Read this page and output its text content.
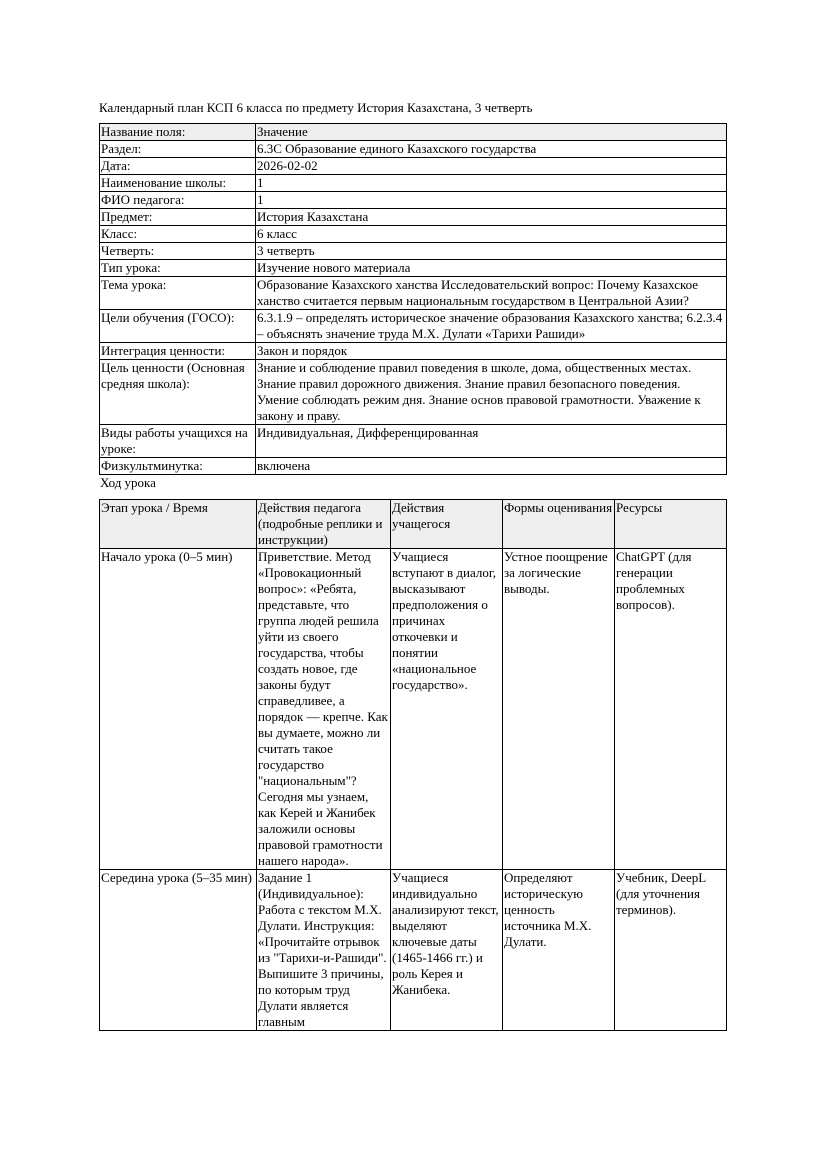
Календарный план КСП 6 класса по предмету История Казахстана, 3 четверть
Название поля:	Значение
Раздел:	6.3С Образование единого Казахского государства
Дата:	2026-02-02
Наименование школы:	1
ФИО педагога:	1
Предмет:	История Казахстана
Класс:	6 класс
Четверть:	3 четверть
Тип урока:	Изучение нового материала
Тема урока:	Образование Казахского ханства Исследовательский вопрос: Почему Казахское ханство считается первым национальным государством в Центральной Азии?
Цели обучения (ГОСО):	6.3.1.9 – определять историческое значение образования Казахского ханства; 6.2.3.4 – объяснять значение труда М.Х. Дулати «Тарихи Рашиди»
Интеграция ценности:	Закон и порядок
Цель ценности (Основная средняя школа):	Знание и соблюдение правил поведения в школе, дома, общественных местах. Знание правил дорожного движения. Знание правил безопасного поведения. Умение соблюдать режим дня. Знание основ правовой грамотности. Уважение к закону и праву.
Виды работы учащихся на уроке:	Индивидуальная, Дифференцированная
Физкультминутка:	включена
Ход урока
Этап урока / Время	Действия педагога (подробные реплики и инструкции)	Действия учащегося	Формы оценивания	Ресурсы
Начало урока (0–5 мин)	Приветствие. Метод «Провокационный вопрос»: «Ребята, представьте, что группа людей решила уйти из своего государства, чтобы создать новое, где законы будут справедливее, а порядок — крепче. Как вы думаете, можно ли считать такое государство "национальным"? Сегодня мы узнаем, как Керей и Жанибек заложили основы правовой грамотности нашего народа».	Учащиеся вступают в диалог, высказывают предположения о причинах откочевки и понятии «национальное государство».	Устное поощрение за логические выводы.	ChatGPT (для генерации проблемных вопросов).
Середина урока (5–35 мин)	Задание 1 (Индивидуальное): Работа с текстом М.Х. Дулати. Инструкция: «Прочитайте отрывок из "Тарихи-и-Рашиди". Выпишите 3 причины, по которым труд Дулати является главным	Учащиеся индивидуально анализируют текст, выделяют ключевые даты (1465-1466 гг.) и роль Керея и Жанибека.	Определяют историческую ценность источника М.Х. Дулати.	Учебник, DeepL (для уточнения терминов).
